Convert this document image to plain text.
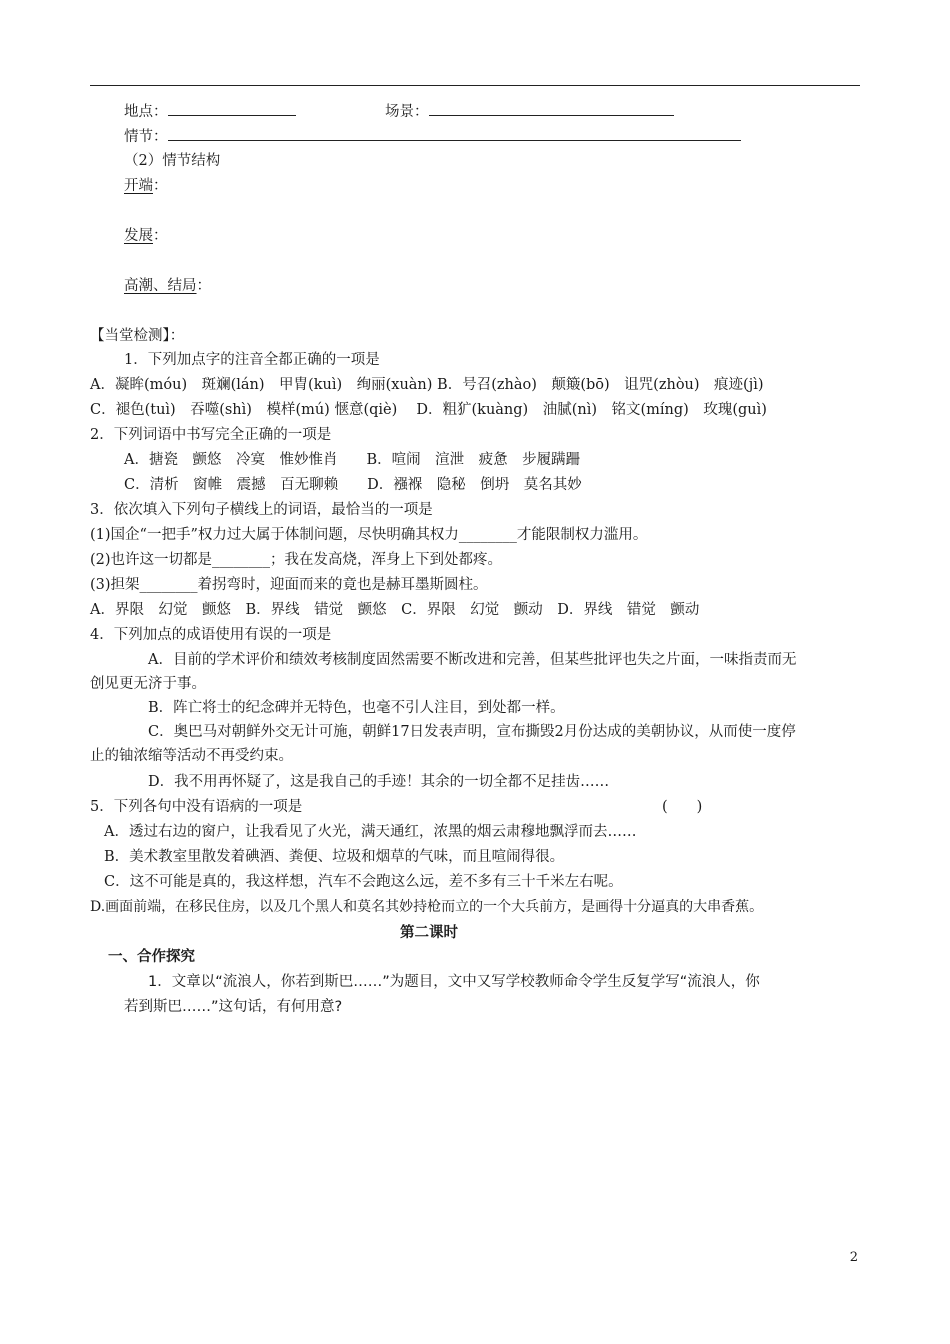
地点：	场景：
情节：
（2）情节结构
开端：
发展：
高潮、结局：
【当堂检测】：
1．下列加点字的注音全都正确的一项是
A．凝眸(móu)　斑斓(lán)　甲胄(kuì)　绚丽(xuàn) B．号召(zhào)　颠簸(bō)　诅咒(zhòu)　痕迹(jì)
C．褪色(tuì)　吞噬(shì)　模样(mú) 惬意(qiè)　 D．粗犷(kuàng)　油腻(nì)　铭文(míng)　玫瑰(guì)
2．下列词语中书写完全正确的一项是
A．搪瓷　颤悠　冷寞　惟妙惟肖　　B．喧闹　渲泄　疲惫　步履蹒跚
C．清析　窗帷　震撼　百无聊赖　　D．襁褓　隐秘　倒坍　莫名其妙
3．依次填入下列句子横线上的词语，最恰当的一项是
(1)国企“一把手”权力过大属于体制问题，尽快明确其权力________才能限制权力滥用。
(2)也许这一切都是________；我在发高烧，浑身上下到处都疼。
(3)担架________着拐弯时，迎面而来的竟也是赫耳墨斯圆柱。
A．界限　幻觉　颤悠　B．界线　错觉　颤悠　C．界限　幻觉　颤动　D．界线　错觉　颤动
4．下列加点的成语使用有误的一项是
A．目前的学术评价和绩效考核制度固然需要不断改进和完善，但某些批评也失之片面，一味指责而无
创见更无济于事。
B．阵亡将士的纪念碑并无特色，也毫不引人注目，到处都一样。
C．奥巴马对朝鲜外交无计可施，朝鲜17日发表声明，宣布撕毁2月份达成的美朝协议，从而使一度停
止的铀浓缩等活动不再受约束。
D．我不用再怀疑了，这是我自己的手迹！其余的一切全都不足挂齿……
5．下列各句中没有语病的一项是	(　　)
A．透过右边的窗户，让我看见了火光，满天通红，浓黑的烟云肃穆地飘浮而去……
B．美术教室里散发着碘酒、粪便、垃圾和烟草的气味，而且喧闹得很。
C．这不可能是真的，我这样想，汽车不会跑这么远，差不多有三十千米左右呢。
D.画面前端，在移民住房，以及几个黑人和莫名其妙持枪而立的一个大兵前方，是画得十分逼真的大串香蕉。
第二课时
一、合作探究
1．文章以“流浪人，你若到斯巴……”为题目，文中又写学校教师命令学生反复学写“流浪人，你
若到斯巴……”这句话，有何用意?
2
